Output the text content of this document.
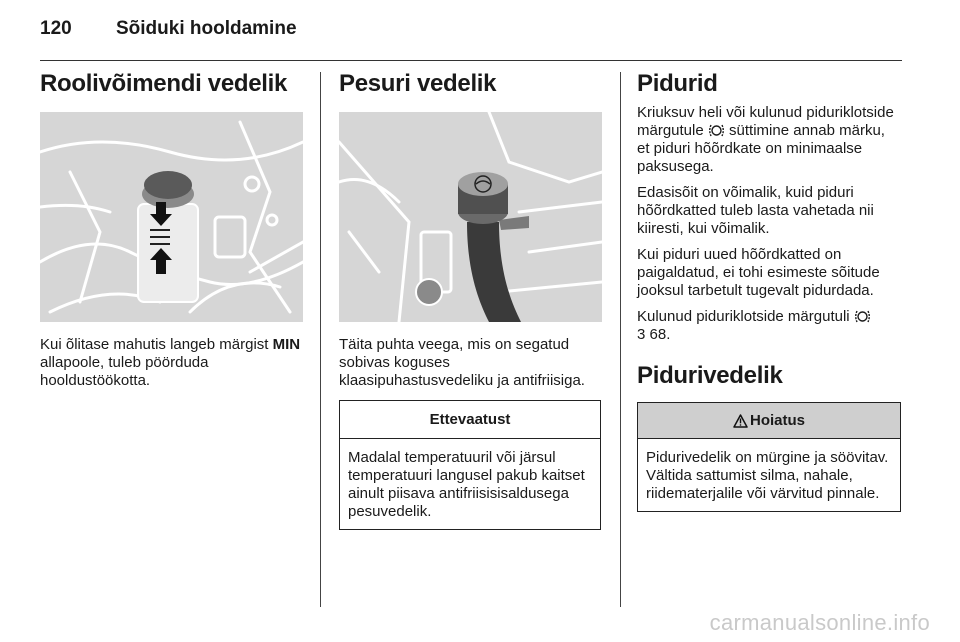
120 Sõiduki hooldamine
Roolivõimendi vedelik

Kui õlitase mahutis langeb märgist MIN allapoole, tuleb pöörduda hooldustöökotta.

Pesuri vedelik

Täita puhta veega, mis on segatud sobivas koguses klaasipuhastusvedeliku ja antifriisiga.

Ettevaatust
Madalal temperatuuril või järsul temperatuuri langusel pakub kaitset ainult piisava antifriisisisaldusega pesuvedelik.
Pidurid

Kriuksuv heli või kulunud piduriklotside märgutule  süttimine annab märku, et piduri hõõrdkate on minimaalse paksusega.

Edasisõit on võimalik, kuid piduri hõõrdkatted tuleb lasta vahetada nii kiiresti, kui võimalik.

Kui piduri uued hõõrdkatted on paigaldatud, ei tohi esimeste sõitude jooksul tarbetult tugevalt pidurdada.

Kulunud piduriklotside märgutuli
3 68.

Pidurivedelik
Hoiatus
Pidurivedelik on mürgine ja söövitav. Vältida sattumist silma, nahale, riidematerjalile või värvitud pinnale.
carmanualsonline.info
